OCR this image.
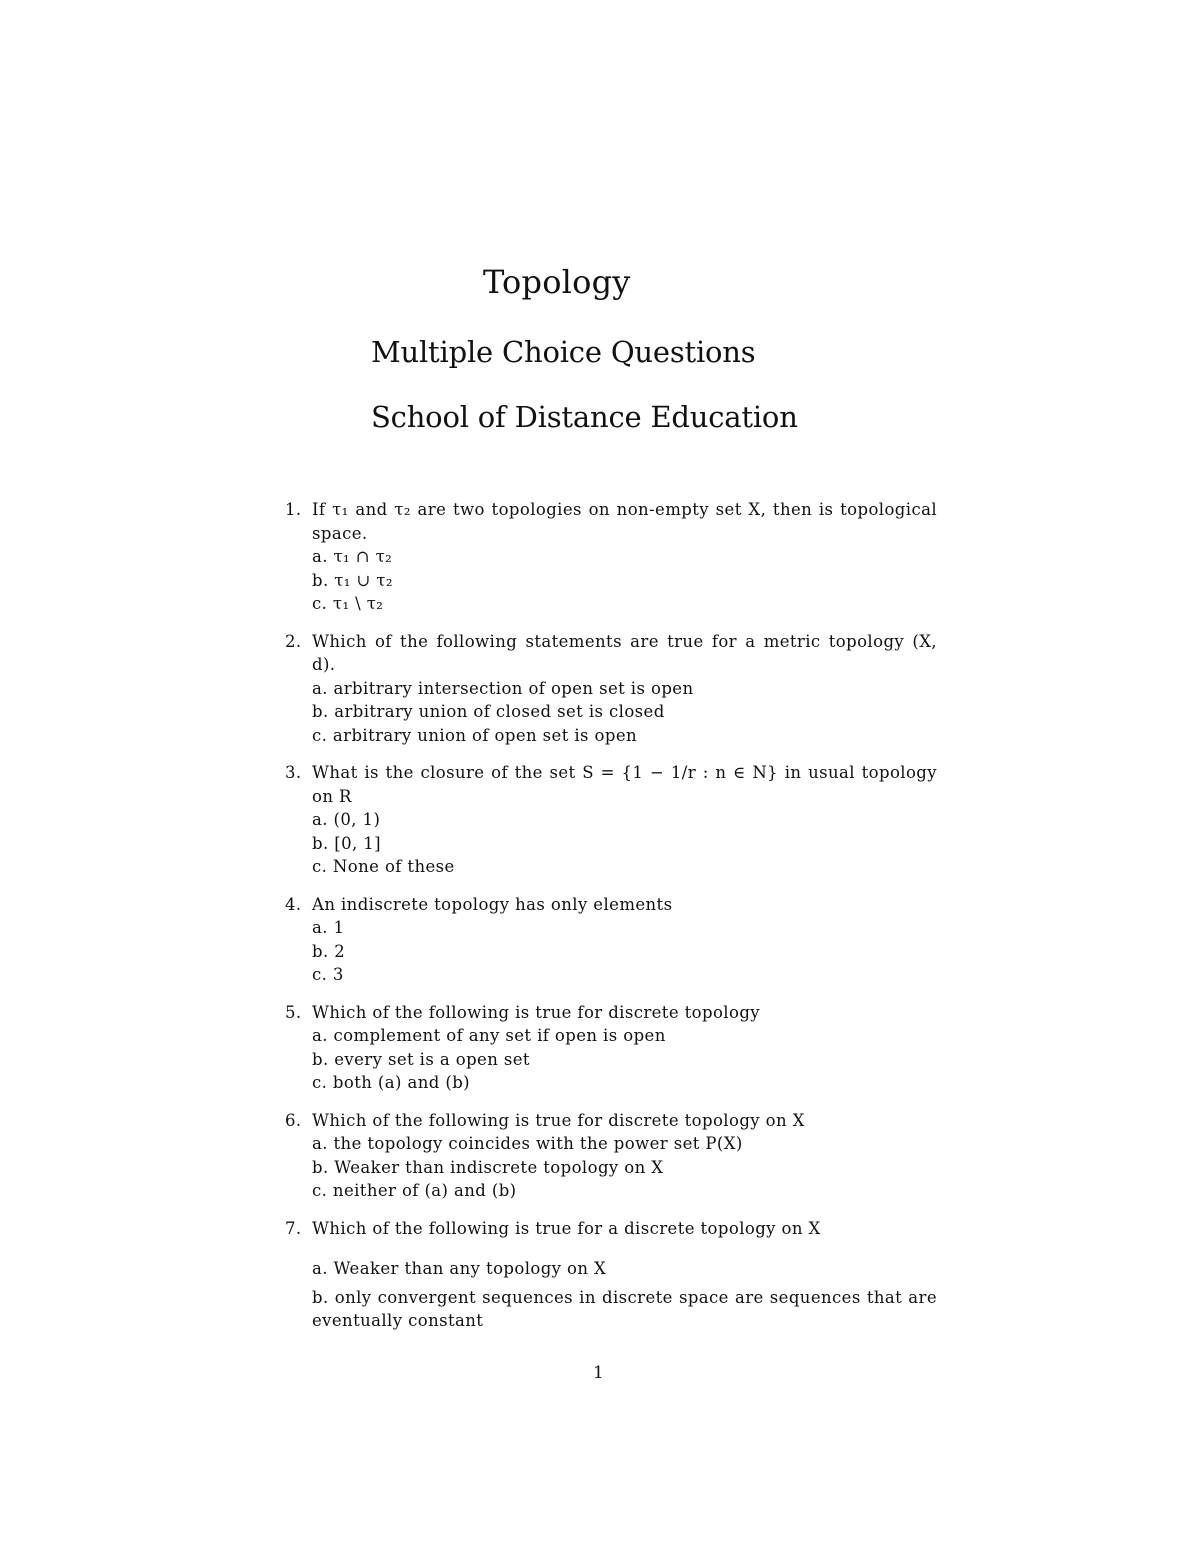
Topology
Multiple Choice Questions
School of Distance Education
1. If τ₁ and τ₂ are two topologies on non-empty set X, then is topological space.
a. τ₁ ∩ τ₂
b. τ₁ ∪ τ₂
c. τ₁ \ τ₂
2. Which of the following statements are true for a metric topology (X, d).
a. arbitrary intersection of open set is open
b. arbitrary union of closed set is closed
c. arbitrary union of open set is open
3. What is the closure of the set S = {1 − 1/r : n ∈ N} in usual topology on R
a. (0, 1)
b. [0, 1]
c. None of these
4. An indiscrete topology has only elements
a. 1
b. 2
c. 3
5. Which of the following is true for discrete topology
a. complement of any set if open is open
b. every set is a open set
c. both (a) and (b)
6. Which of the following is true for discrete topology on X
a. the topology coincides with the power set P(X)
b. Weaker than indiscrete topology on X
c. neither of (a) and (b)
7. Which of the following is true for a discrete topology on X
a. Weaker than any topology on X
b. only convergent sequences in discrete space are sequences that are eventually constant
1
